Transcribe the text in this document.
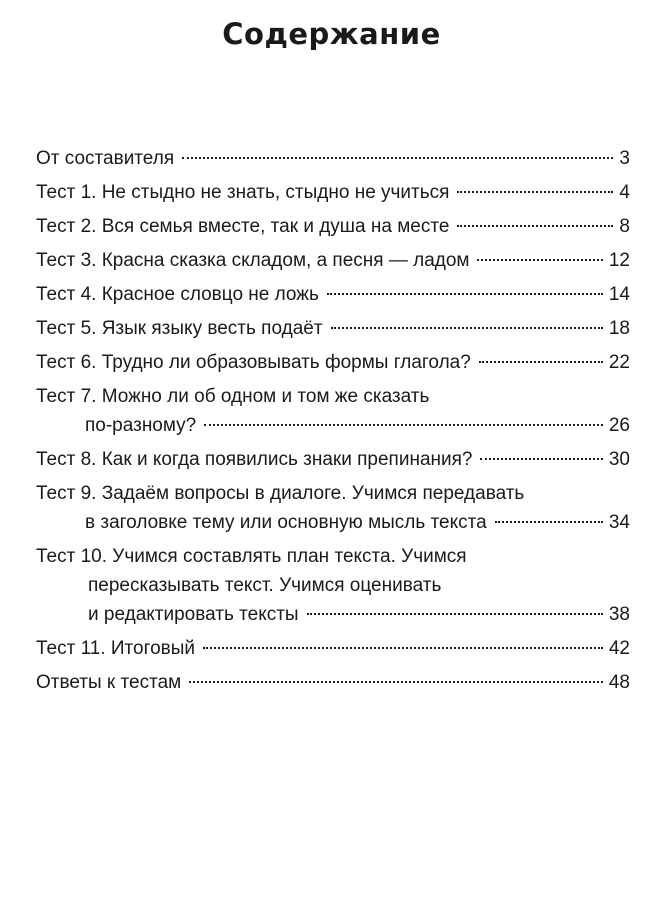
Содержание
От составителя	3
Тест 1. Не стыдно не знать, стыдно не учиться	4
Тест 2. Вся семья вместе, так и душа на месте	8
Тест 3. Красна сказка складом, а песня — ладом	12
Тест 4. Красное словцо не ложь	14
Тест 5. Язык языку весть подаёт	18
Тест 6. Трудно ли образовывать формы глагола?	22
Тест 7. Можно ли об одном и том же сказать
по-разному?	26
Тест 8. Как и когда появились знаки препинания?	30
Тест 9. Задаём вопросы в диалоге. Учимся передавать
в заголовке тему или основную мысль текста	34
Тест 10. Учимся составлять план текста. Учимся
пересказывать текст. Учимся оценивать
и редактировать тексты	38
Тест 11. Итоговый	42
Ответы к тестам	48
